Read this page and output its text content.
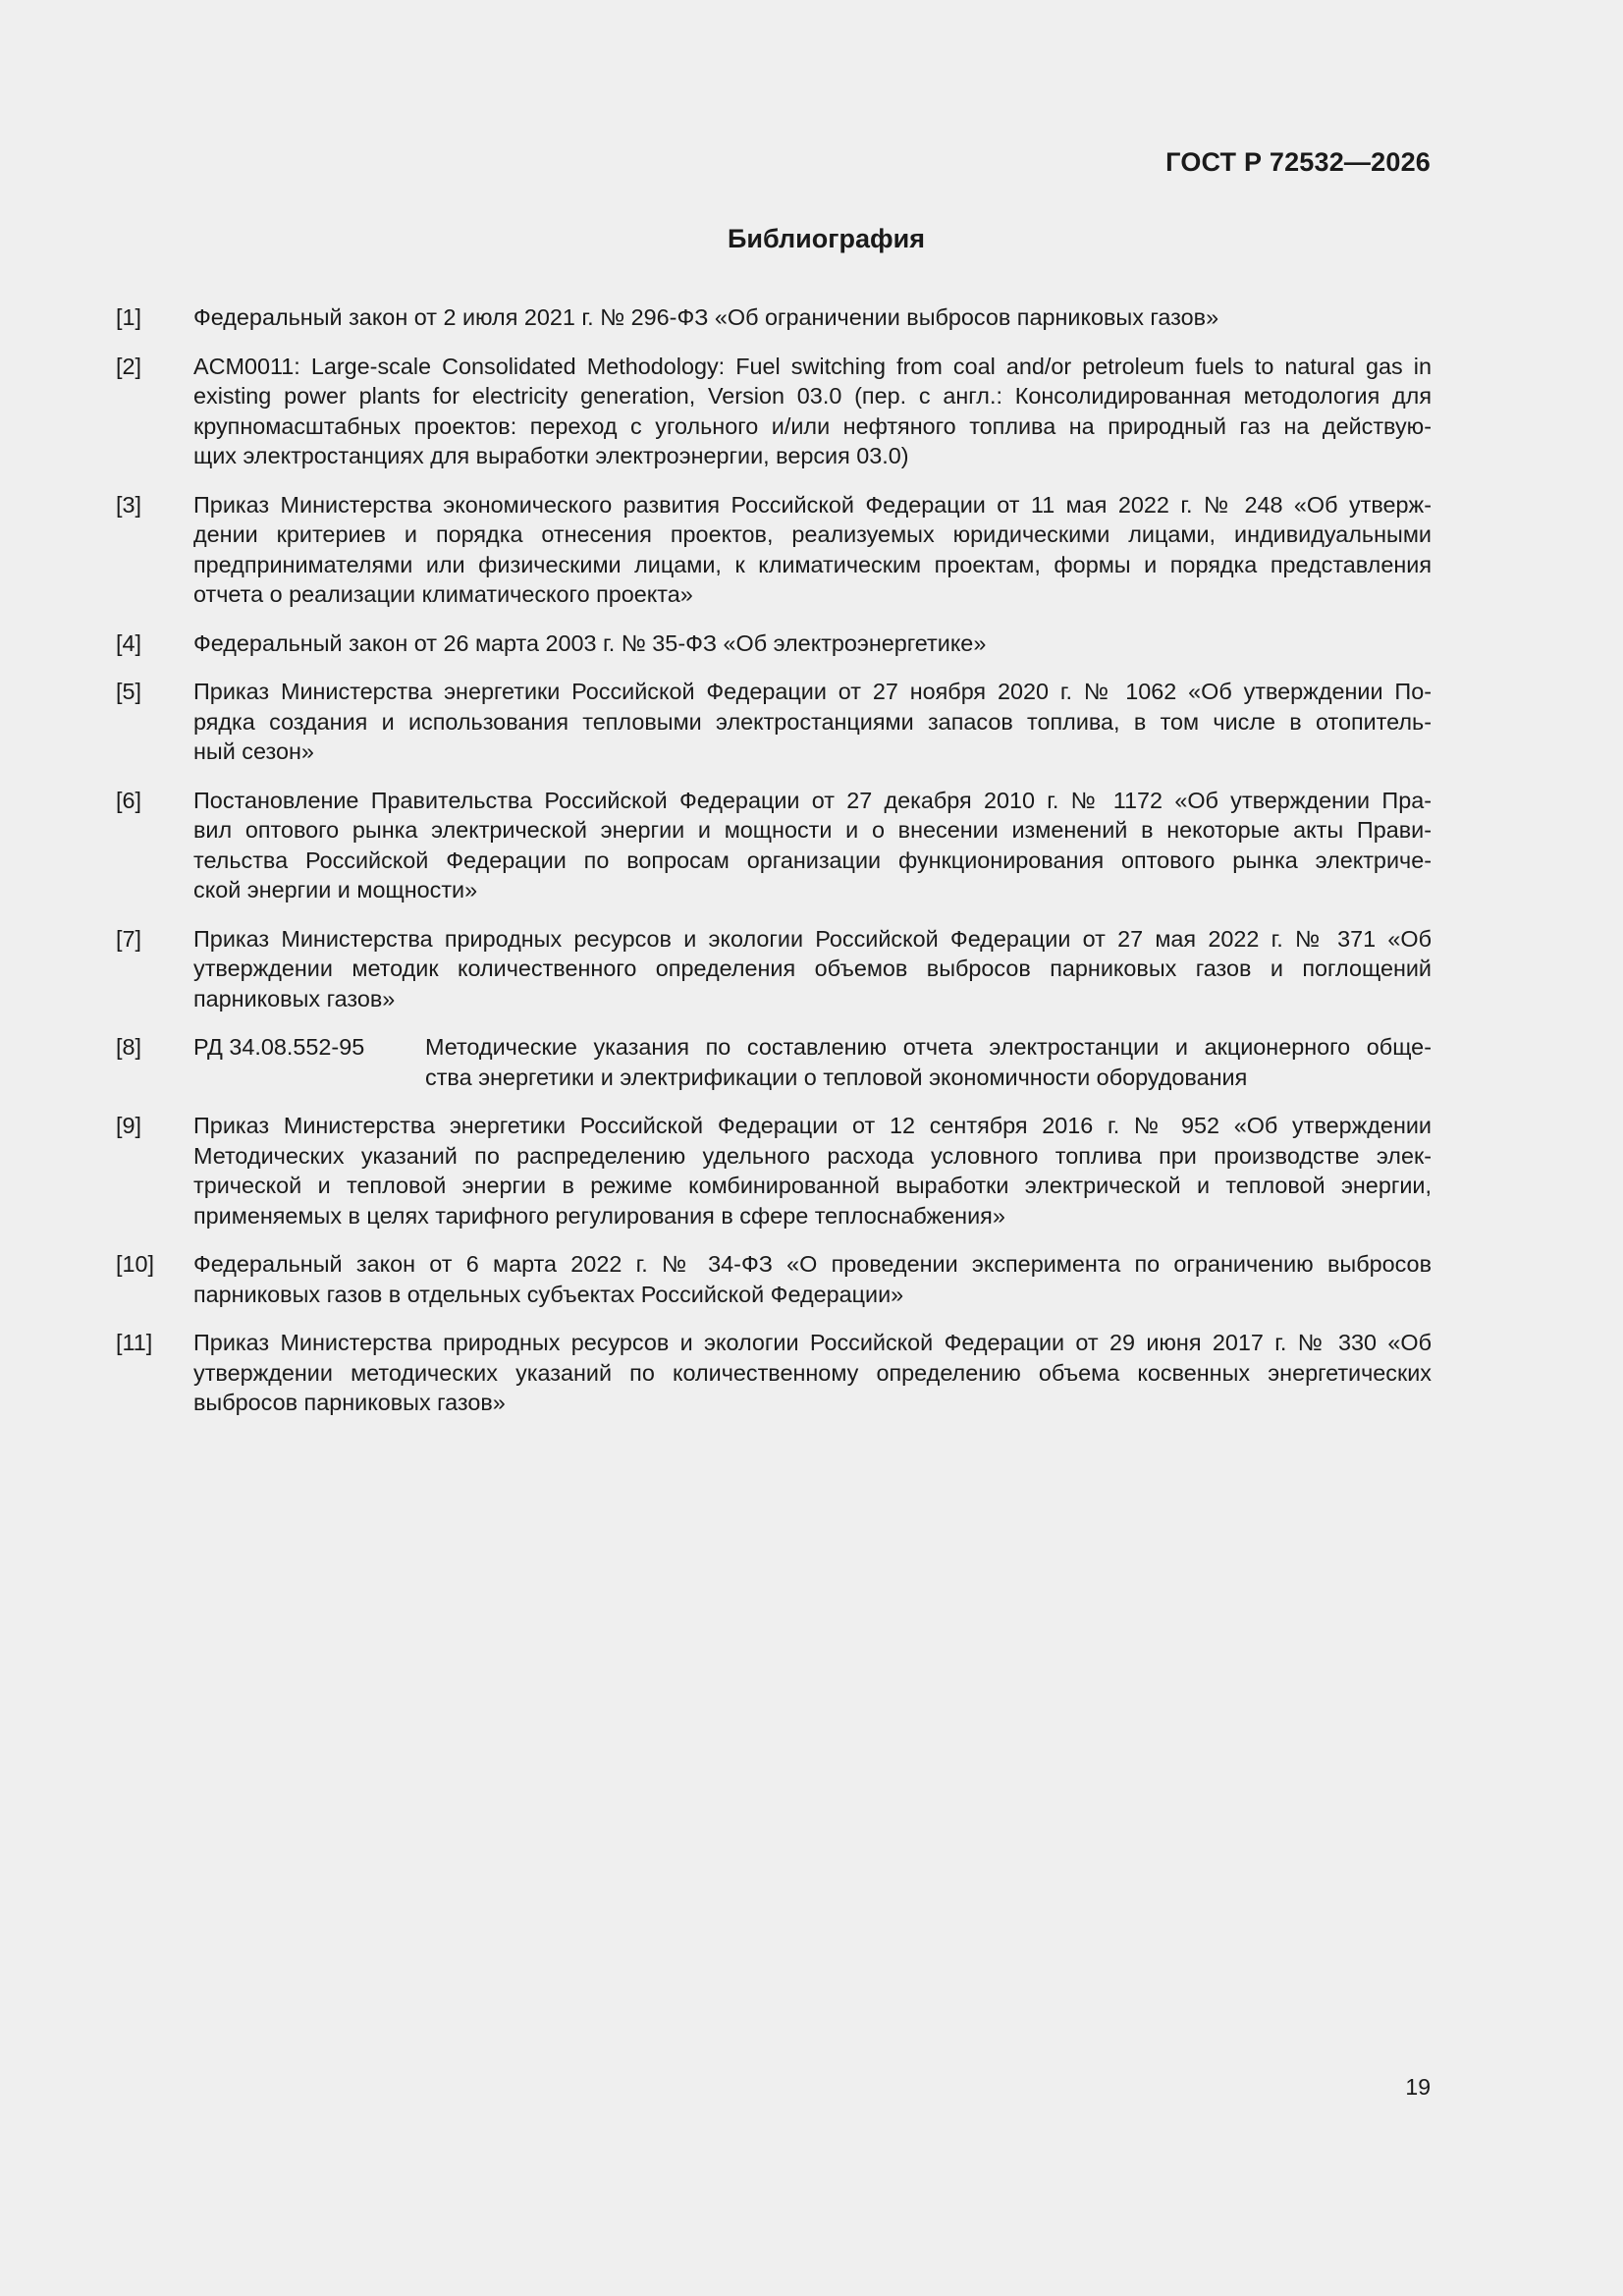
ГОСТ Р 72532—2026
Библиография
[1]	Федеральный закон от 2 июля 2021 г. № 296-ФЗ «Об ограничении выбросов парниковых газов»
[2]	ACM0011: Large-scale Consolidated Methodology: Fuel switching from coal and/or petroleum fuels to natural gas in
existing power plants for electricity generation, Version 03.0 (пер. с англ.: Консолидированная методология для
крупномасштабных проектов: переход с угольного и/или нефтяного топлива на природный газ на действую-
щих электростанциях для выработки электроэнергии, версия 03.0)
[3]	Приказ Министерства экономического развития Российской Федерации от 11 мая 2022 г. № 248 «Об утверж-
дении критериев и порядка отнесения проектов, реализуемых юридическими лицами, индивидуальными
предпринимателями или физическими лицами, к климатическим проектам, формы и порядка представления
отчета о реализации климатического проекта»
[4]	Федеральный закон от 26 марта 2003 г. № 35-ФЗ «Об электроэнергетике»
[5]	Приказ Министерства энергетики Российской Федерации от 27 ноября 2020 г. № 1062 «Об утверждении По-
рядка создания и использования тепловыми электростанциями запасов топлива, в том числе в отопитель-
ный сезон»
[6]	Постановление Правительства Российской Федерации от 27 декабря 2010 г. № 1172 «Об утверждении Пра-
вил оптового рынка электрической энергии и мощности и о внесении изменений в некоторые акты Прави-
тельства Российской Федерации по вопросам организации функционирования оптового рынка электриче-
ской энергии и мощности»
[7]	Приказ Министерства природных ресурсов и экологии Российской Федерации от 27 мая 2022 г. № 371 «Об
утверждении методик количественного определения объемов выбросов парниковых газов и поглощений
парниковых газов»
[8]	РД 34.08.552-95	Методические указания по составлению отчета электростанции и акционерного обще-
ства энергетики и электрификации о тепловой экономичности оборудования
[9]	Приказ Министерства энергетики Российской Федерации от 12 сентября 2016 г. № 952 «Об утверждении
Методических указаний по распределению удельного расхода условного топлива при производстве элек-
трической и тепловой энергии в режиме комбинированной выработки электрической и тепловой энергии,
применяемых в целях тарифного регулирования в сфере теплоснабжения»
[10]	Федеральный закон от 6 марта 2022 г. № 34-ФЗ «О проведении эксперимента по ограничению выбросов
парниковых газов в отдельных субъектах Российской Федерации»
[11]	Приказ Министерства природных ресурсов и экологии Российской Федерации от 29 июня 2017 г. № 330 «Об
утверждении методических указаний по количественному определению объема косвенных энергетических
выбросов парниковых газов»
19
